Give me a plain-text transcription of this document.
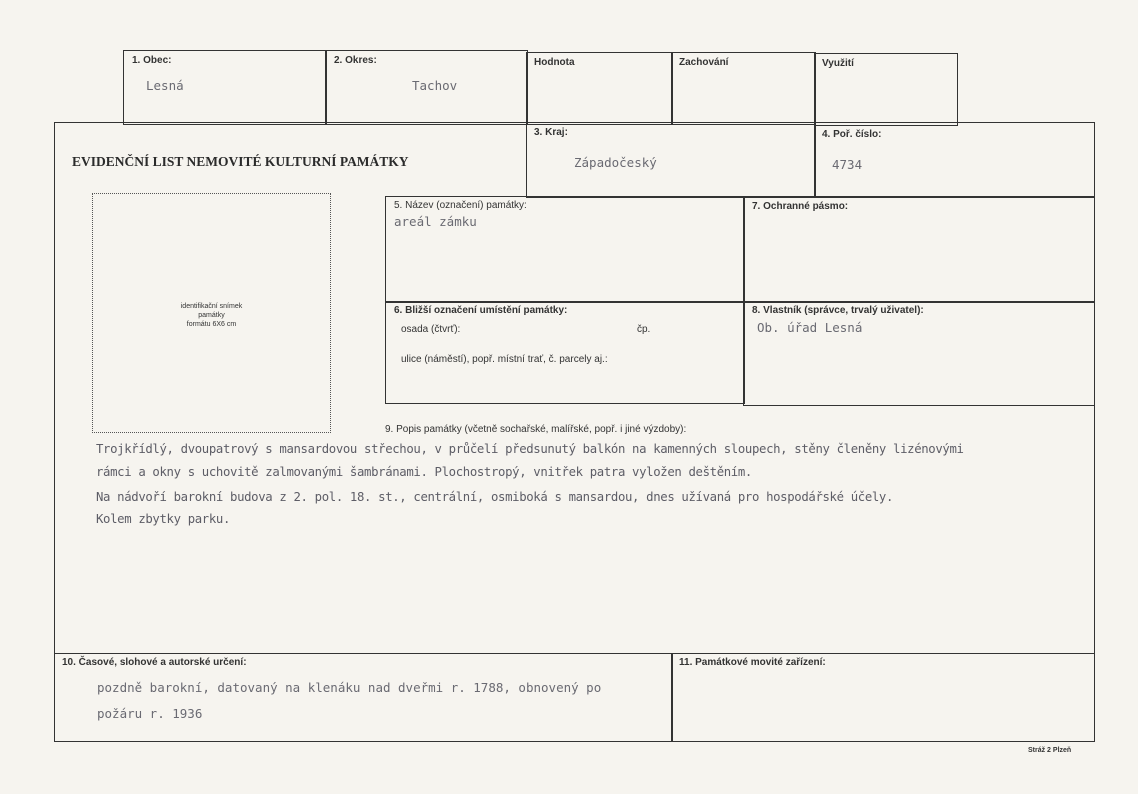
1. Obec:
Lesná
2. Okres:
Tachov
Hodnota	Zachování	Využití
EVIDENČNÍ LIST NEMOVITÉ KULTURNÍ PAMÁTKY
3. Kraj:
Západočeský
4. Poř. číslo:
4734
identifikační snímek
památky
formátu 6X6 cm
5. Název (označení) památky:
areál zámku
7. Ochranné pásmo:
6. Bližší označení umístění památky:
osada (čtvrť):	čp.
ulice (náměstí), popř. místní trať, č. parcely aj.:
8. Vlastník (správce, trvalý uživatel):
Ob. úřad Lesná
9. Popis památky (včetně sochařské, malířské, popř. i jiné výzdoby):
Trojkřídlý, dvoupatrový s mansardovou střechou, v průčelí předsunutý balkón na kamenných sloupech, stěny členěny lizénovými
rámci a okny s uchovitě zalmovanými šambránami. Plochostropý, vnitřek patra vyložen deštěním.
Na nádvoří barokní budova z 2. pol. 18. st., centrální, osmiboká s mansardou, dnes užívaná pro hospodářské účely.
Kolem zbytky parku.
10. Časové, slohové a autorské určení:
pozdně barokní, datovaný na klenáku nad dveřmi r. 1788, obnovený po
požáru r. 1936
11. Památkové movité zařízení:
Stráž 2 Plzeň
